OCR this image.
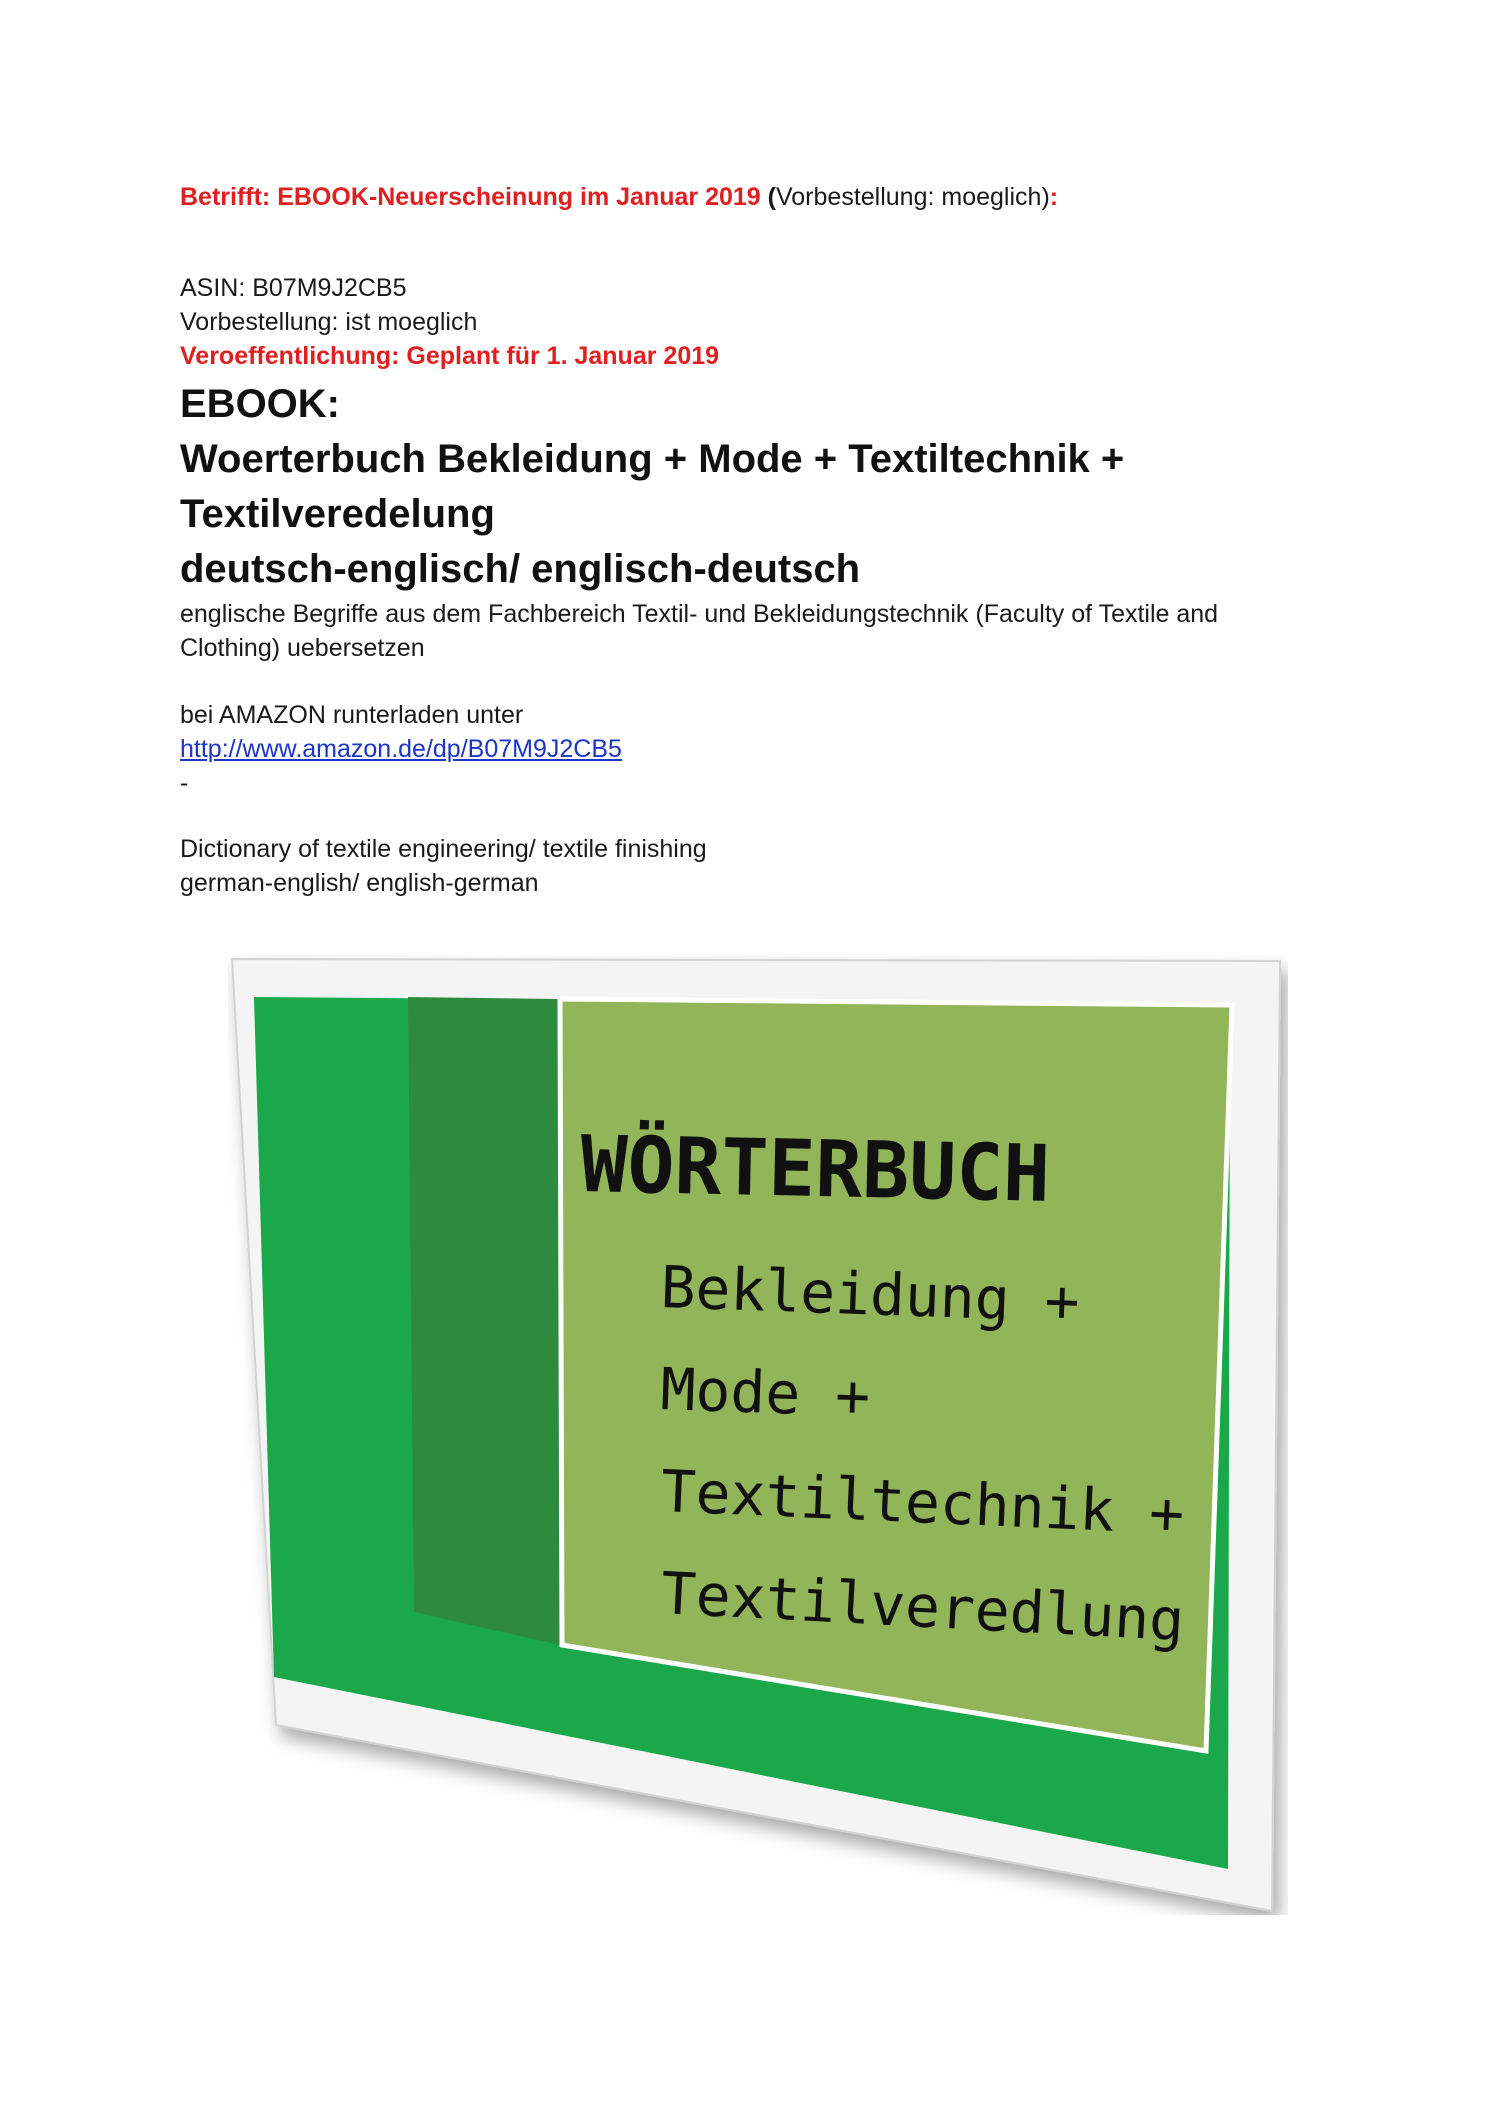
Betrifft: EBOOK-Neuerscheinung im Januar 2019 (Vorbestellung: moeglich):
ASIN: B07M9J2CB5
Vorbestellung: ist moeglich
Veroeffentlichung: Geplant für 1. Januar 2019
EBOOK:
Woerterbuch Bekleidung + Mode + Textiltechnik +
Textilveredelung
deutsch-englisch/ englisch-deutsch
englische Begriffe aus dem Fachbereich Textil- und Bekleidungstechnik (Faculty of Textile and Clothing) uebersetzen
bei AMAZON runterladen unter
http://www.amazon.de/dp/B07M9J2CB5
-
Dictionary of textile engineering/ textile finishing
german-english/ english-german
WÖRTERBUCH
Bekleidung +
Mode +
Textiltechnik +
Textilveredlung
